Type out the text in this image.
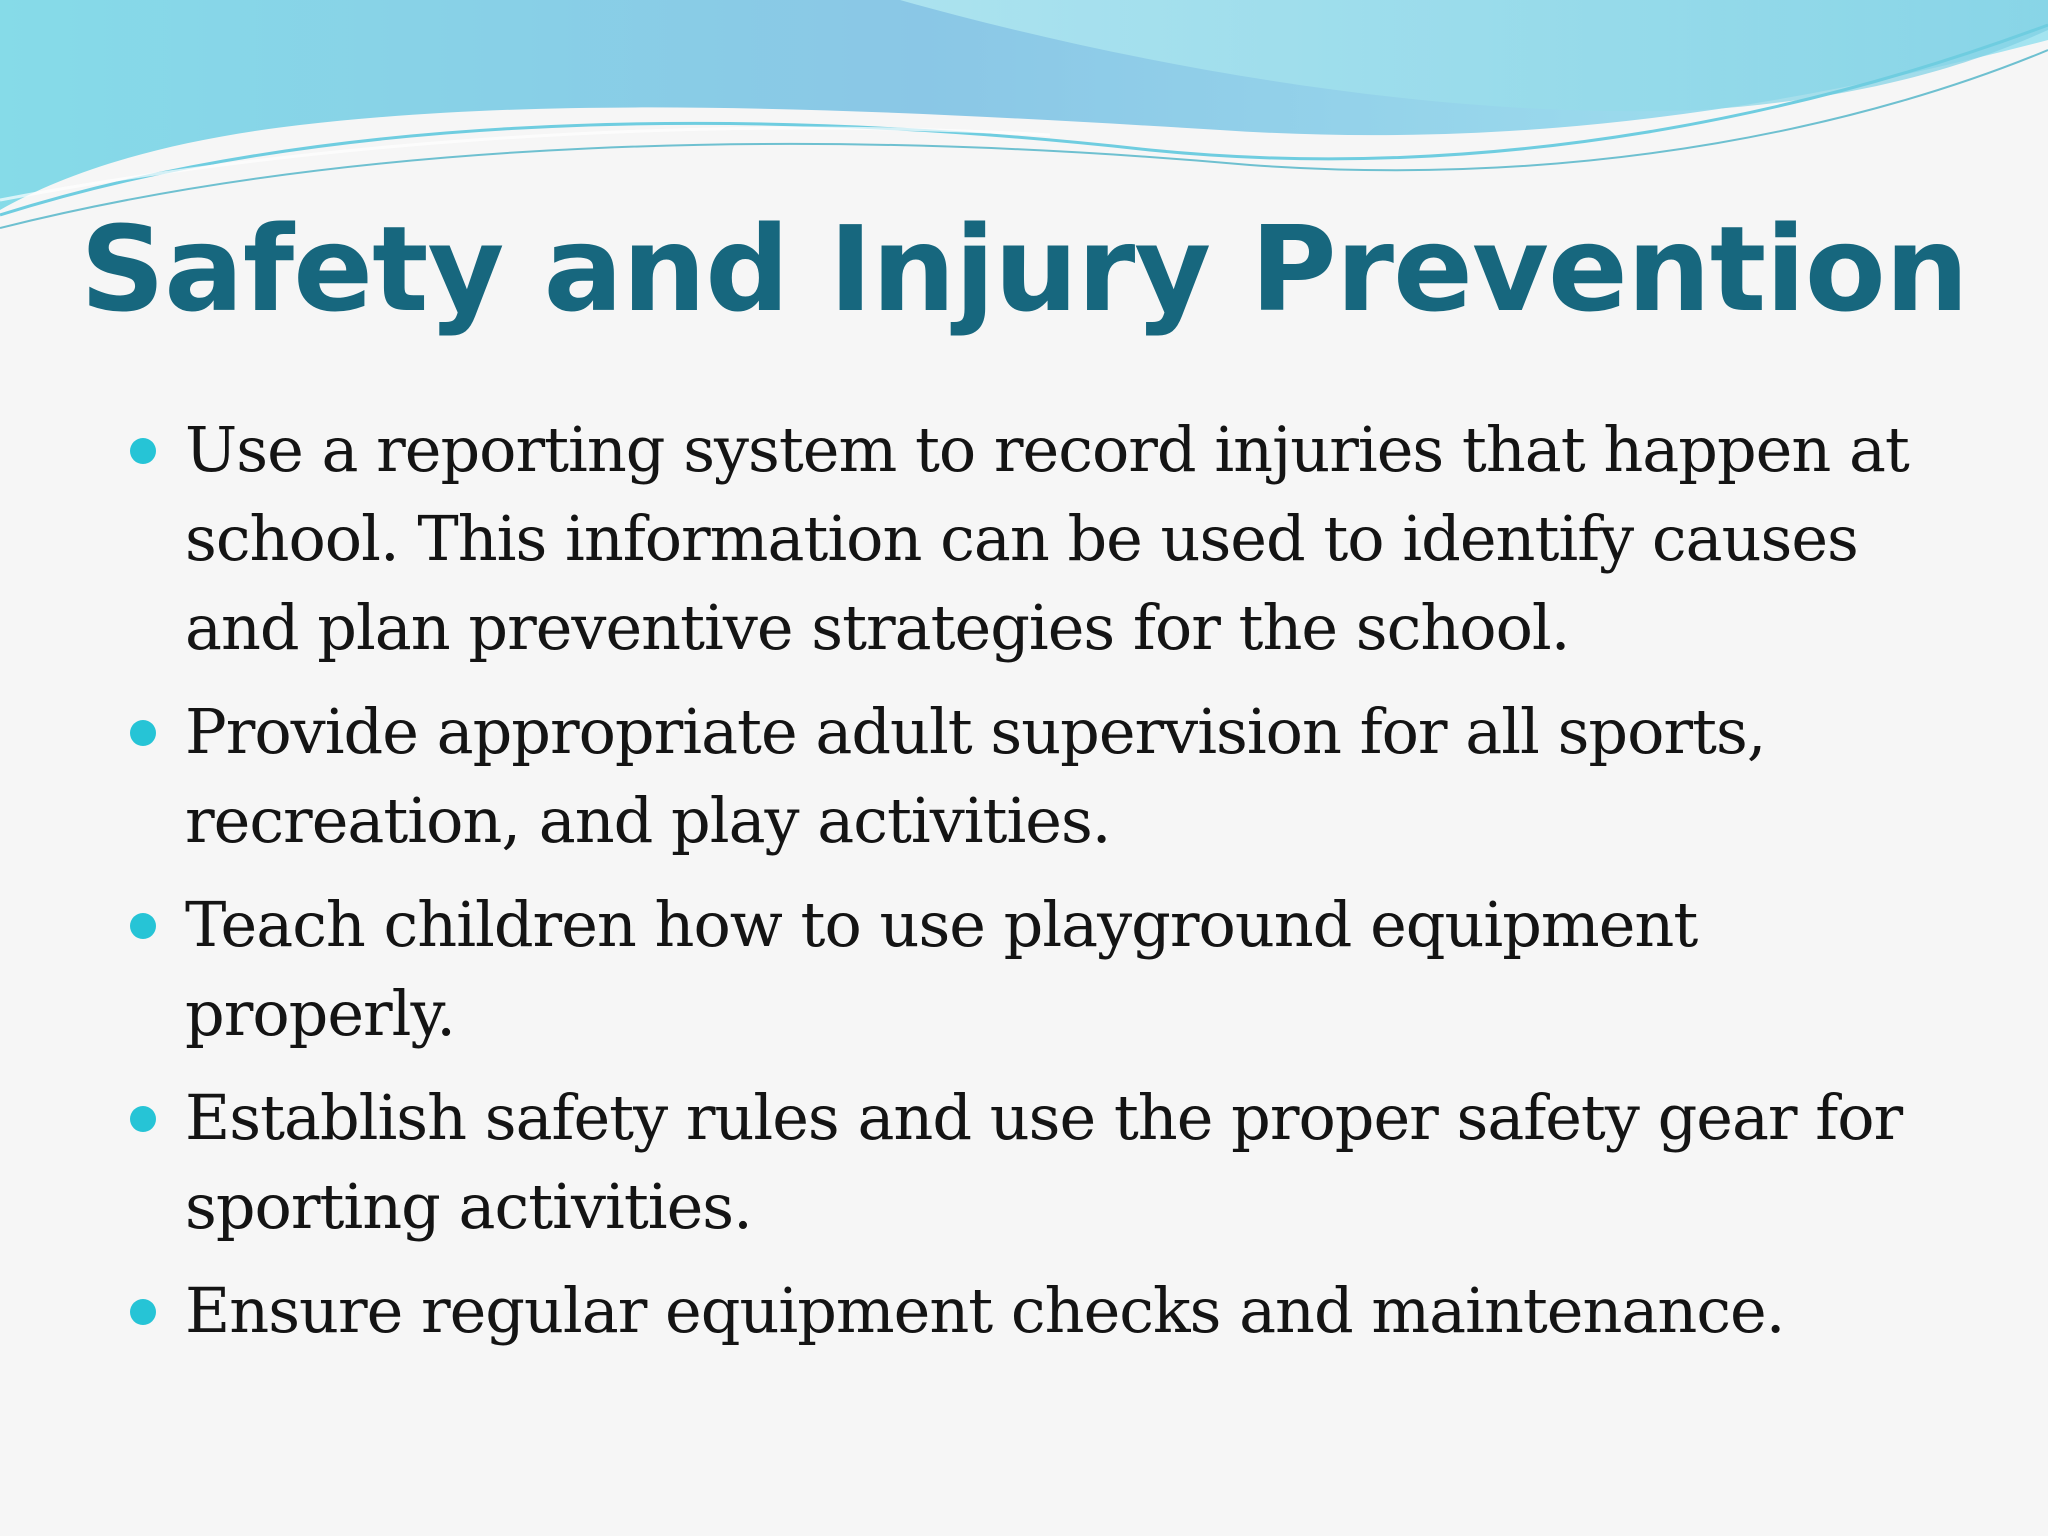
Safety and Injury Prevention
Use a reporting system to record injuries that happen at school. This information can be used to identify causes and plan preventive strategies for the school.
Provide appropriate adult supervision for all sports, recreation, and play activities.
Teach children how to use playground equipment properly.
Establish safety rules and use the proper safety gear for sporting activities.
Ensure regular equipment checks and maintenance.
